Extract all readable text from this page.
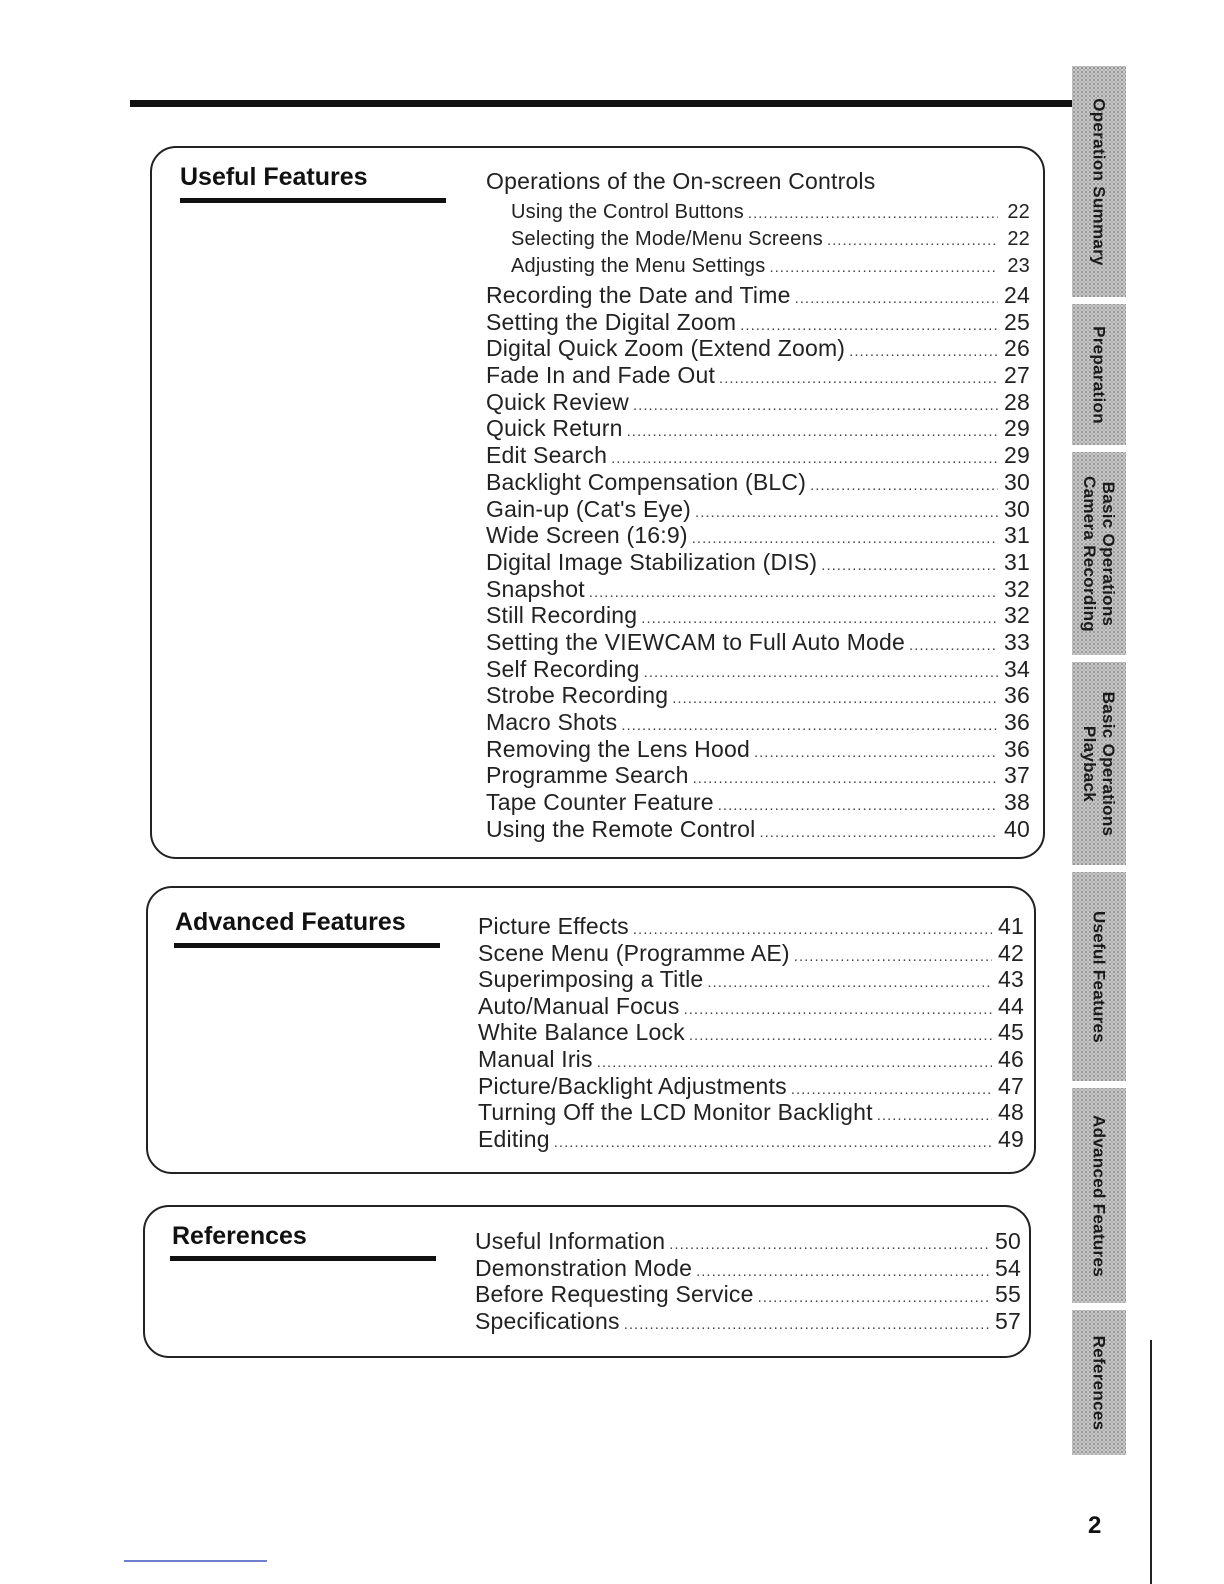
Useful Features	Operations of the On-screen Controls
Using the Control Buttons .....	22
Selecting the Mode/Menu Screens .....	22
Adjusting the Menu Settings .....	23
Recording the Date and Time .....	24
Setting the Digital Zoom .....	25
Digital Quick Zoom (Extend Zoom) .....	26
Fade In and Fade Out .....	27
Quick Review .....	28
Quick Return .....	29
Edit Search .....	29
Backlight Compensation (BLC) .....	30
Gain-up (Cat's Eye) .....	30
Wide Screen (16:9) .....	31
Digital Image Stabilization (DIS) .....	31
Snapshot .....	32
Still Recording .....	32
Setting the VIEWCAM to Full Auto Mode .....	33
Self Recording .....	34
Strobe Recording .....	36
Macro Shots .....	36
Removing the Lens Hood .....	36
Programme Search .....	37
Tape Counter Feature .....	38
Using the Remote Control .....	40
Advanced Features	Picture Effects .....	41
Scene Menu (Programme AE) .....	42
Superimposing a Title .....	43
Auto/Manual Focus .....	44
White Balance Lock .....	45
Manual Iris .....	46
Picture/Backlight Adjustments .....	47
Turning Off the LCD Monitor Backlight .....	48
Editing .....	49
References	Useful Information .....	50
Demonstration Mode .....	54
Before Requesting Service .....	55
Specifications .....	57
Operation Summary
Preparation
Basic Operations
Camera Recording
Basic Operations
Playback
Useful Features
Advanced Features
References
2
